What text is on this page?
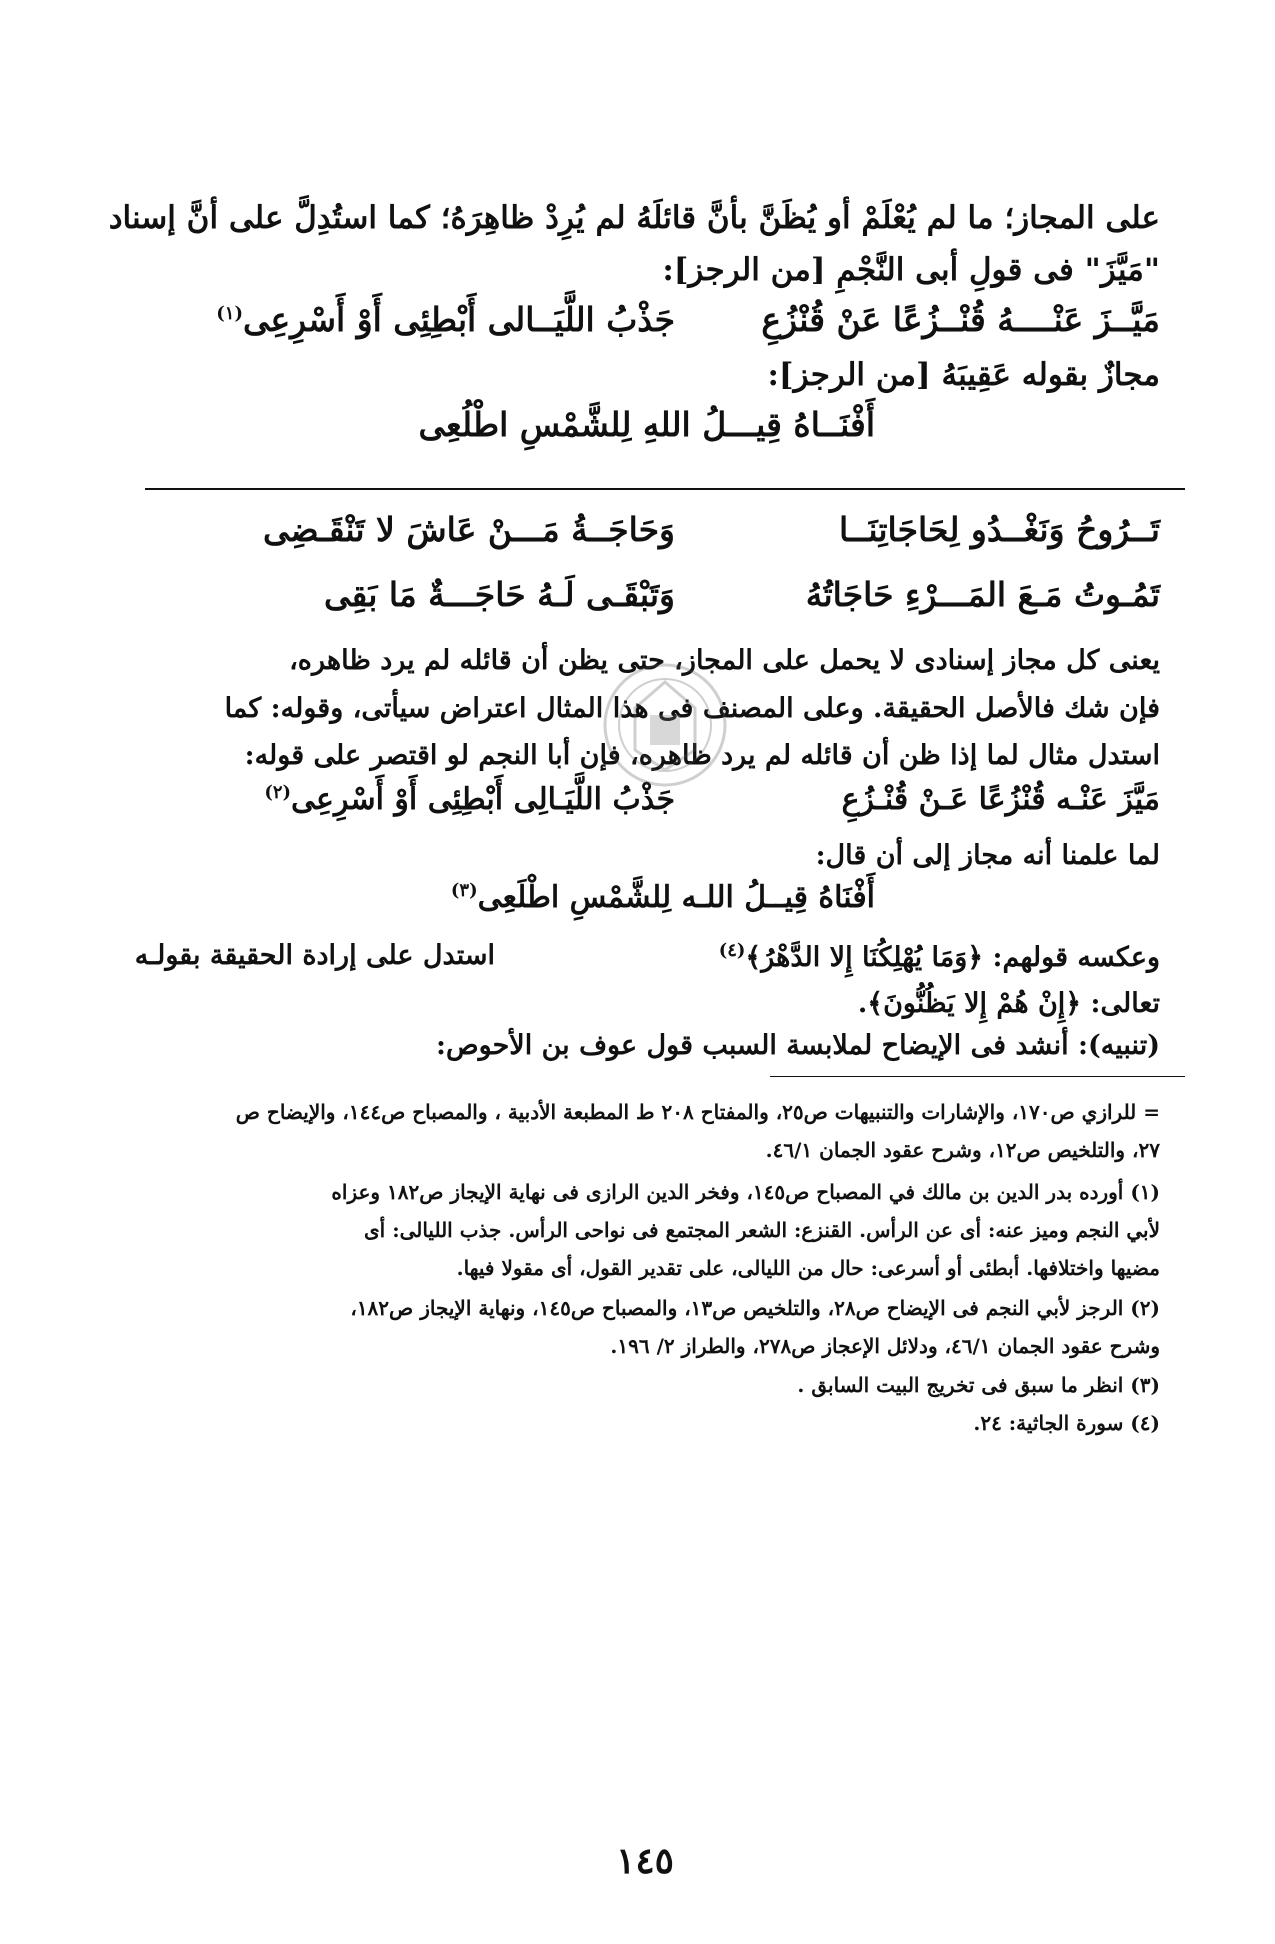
على المجاز؛ ما لم يُعْلَمْ أو يُظَنَّ بأنَّ قائلَهُ لم يُرِدْ ظاهِرَهُ؛ كما استُدِلَّ على أنَّ إسناد
"مَيَّزَ" فى قولِ أبى النَّجْمِ [من الرجز]:
مَيَّــزَ عَنْــــهُ قُنْــزُعًا عَنْ قُنْزُعِ
جَذْبُ اللَّيَــالى أَبْطِئِى أَوْ أَسْرِعِى$^{(١)}$
مجازٌ بقوله عَقِيبَهُ [من الرجز]:
أَفْنَــاهُ قِيـــلُ اللهِ لِلشَّمْسِ اطْلُعِى
تَــرُوحُ وَنَغْــدُو لِحَاجَاتِنَــا
وَحَاجَــةُ مَـــنْ عَاشَ لا تَنْقَـضِى
تَمُـوتُ مَـعَ المَـــرْءِ حَاجَاتُهُ
وَتَبْقَـى لَـهُ حَاجَـــةٌ مَا بَقِى
يعنى كل مجاز إسنادى لا يحمل على المجاز، حتى يظن أن قائله لم يرد ظاهره،
فإن شك فالأصل الحقيقة. وعلى المصنف فى هذا المثال اعتراض سيأتى، وقوله: كما
استدل مثال لما إذا ظن أن قائله لم يرد ظاهره، فإن أبا النجم لو اقتصر على قوله:
مَيَّزَ عَنْـه قُنْزُعًا عَـنْ قُنْـزُعِ
جَذْبُ اللَّيَـالِى أَبْطِئِى أَوْ أَسْرِعِى$^{(٢)}$
لما علمنا أنه مجاز إلى أن قال:
أَفْنَاهُ قِيــلُ اللـه لِلشَّمْسِ اطْلَعِى$^{(٣)}$
وعكسه قولهم: ﴿وَمَا يُهْلِكُنَا إِلا الدَّهْرُ﴾$^{(٤)}$
استدل على إرادة الحقيقة بقولـه
تعالى: ﴿إِنْ هُمْ إِلا يَظُنُّونَ﴾.
(تنبيه): أنشد فى الإيضاح لملابسة السبب قول عوف بن الأحوص:
= للرازي ص١٧٠، والإشارات والتنبيهات ص٢٥، والمفتاح ٢٠٨ ط المطبعة الأدبية ، والمصباح ص١٤٤، والإيضاح ص
٢٧، والتلخيص ص١٢، وشرح عقود الجمان ٤٦/١.
(١) أورده بدر الدين بن مالك في المصباح ص١٤٥، وفخر الدين الرازى فى نهاية الإيجاز ص١٨٢ وعزاه
لأبي النجم وميز عنه: أى عن الرأس. القنزع: الشعر المجتمع فى نواحى الرأس. جذب الليالى: أى
مضيها واختلافها. أبطئى أو أسرعى: حال من الليالى، على تقدير القول، أى مقولا فيها.
(٢) الرجز لأبي النجم فى الإيضاح ص٢٨، والتلخيص ص١٣، والمصباح ص١٤٥، ونهاية الإيجاز ص١٨٢،
وشرح عقود الجمان ٤٦/١، ودلائل الإعجاز ص٢٧٨، والطراز ٢/ ١٩٦.
(٣) انظر ما سبق فى تخريج البيت السابق .
(٤) سورة الجاثية: ٢٤.
١٤٥
